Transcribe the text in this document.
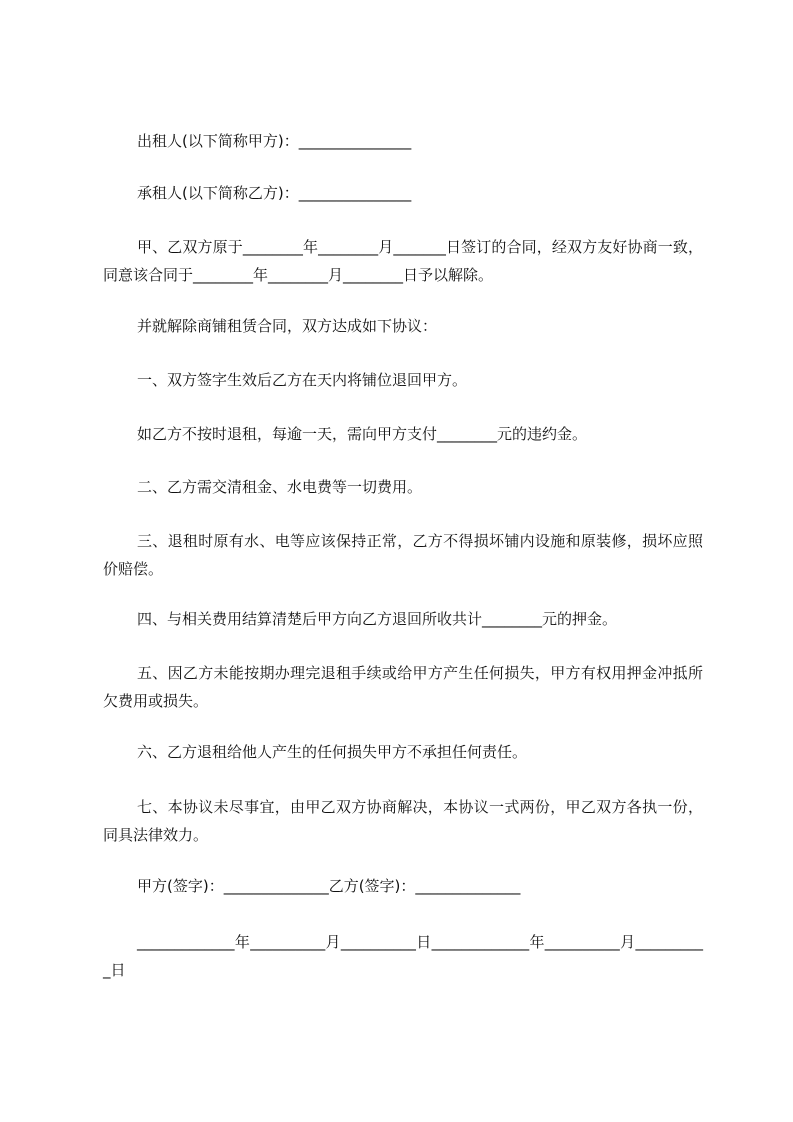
出租人(以下简称甲方)：_______________
承租人(以下简称乙方)：_______________
甲、乙双方原于________年________月_______日签订的合同，经双方友好协商一致，同意该合同于________年________月________日予以解除。
并就解除商铺租赁合同，双方达成如下协议：
一、双方签字生效后乙方在天内将铺位退回甲方。
如乙方不按时退租，每逾一天，需向甲方支付________元的违约金。
二、乙方需交清租金、水电费等一切费用。
三、退租时原有水、电等应该保持正常，乙方不得损坏铺内设施和原装修，损坏应照价赔偿。
四、与相关费用结算清楚后甲方向乙方退回所收共计________元的押金。
五、因乙方未能按期办理完退租手续或给甲方产生任何损失，甲方有权用押金冲抵所欠费用或损失。
六、乙方退租给他人产生的任何损失甲方不承担任何责任。
七、本协议未尽事宜，由甲乙双方协商解决，本协议一式两份，甲乙双方各执一份，同具法律效力。
甲方(签字)：______________乙方(签字)：______________
_____________年__________月__________日_____________年__________月__________日
